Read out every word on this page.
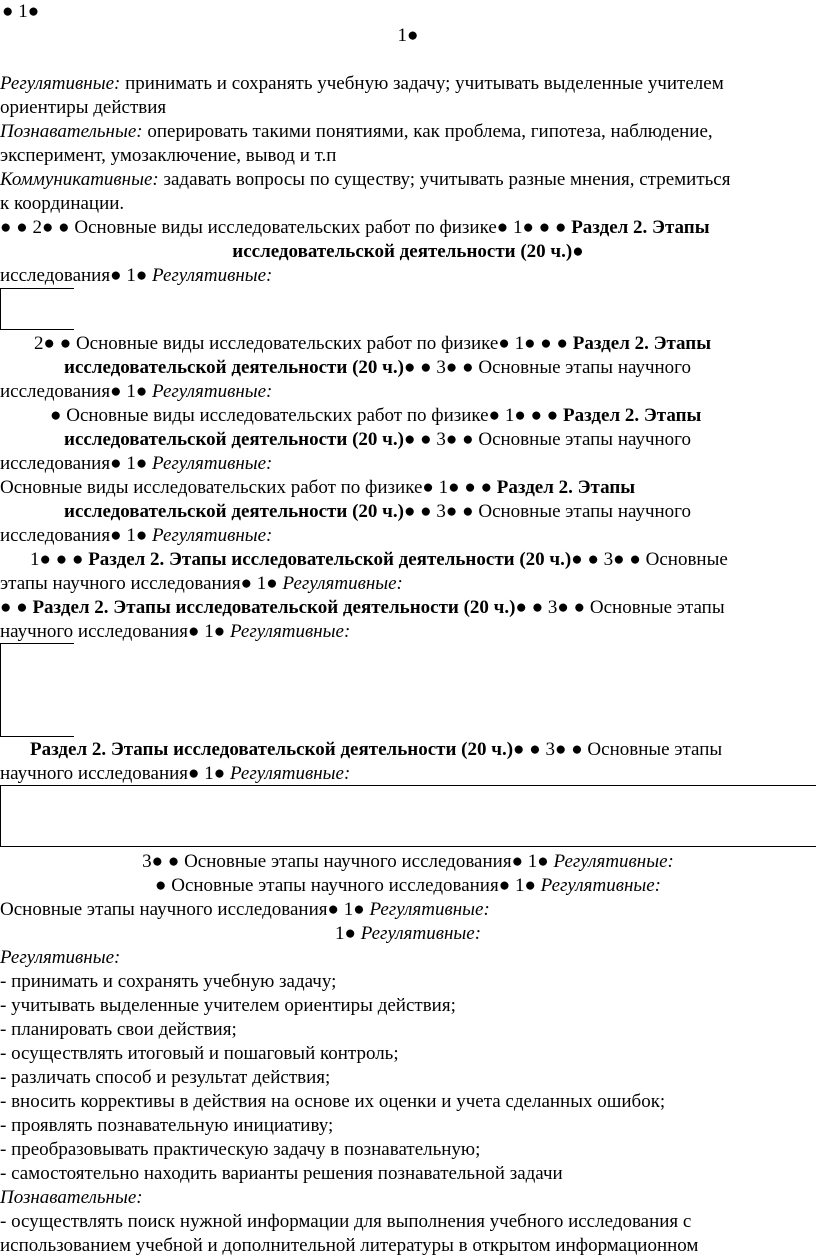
● 1●
1●
Регулятивные: принимать и сохранять учебную задачу; учитывать выделенные учителем
ориентиры действия
Познавательные: оперировать такими понятиями, как проблема, гипотеза, наблюдение,
эксперимент, умозаключение, вывод и т.п
Коммуникативные: задавать вопросы по существу; учитывать разные мнения, стремиться
к координации.
● ● 2● ● Основные виды исследовательских работ по физике● 1● ● ● Раздел 2. Этапы
исследовательской деятельности (20 ч.)●
исследования● 1● Регулятивные:
2● ● Основные виды исследовательских работ по физике● 1● ● ● Раздел 2. Этапы
исследовательской деятельности (20 ч.)● ● 3● ● Основные этапы научного
исследования● 1● Регулятивные:
● Основные виды исследовательских работ по физике● 1● ● ● Раздел 2. Этапы
исследовательской деятельности (20 ч.)● ● 3● ● Основные этапы научного
исследования● 1● Регулятивные:
Основные виды исследовательских работ по физике● 1● ● ● Раздел 2. Этапы
исследовательской деятельности (20 ч.)● ● 3● ● Основные этапы научного
исследования● 1● Регулятивные:
1● ● ● Раздел 2. Этапы исследовательской деятельности (20 ч.)● ● 3● ● Основные
этапы научного исследования● 1● Регулятивные:
● ● Раздел 2. Этапы исследовательской деятельности (20 ч.)● ● 3● ● Основные этапы
научного исследования● 1● Регулятивные:
Раздел 2. Этапы исследовательской деятельности (20 ч.)● ● 3● ● Основные этапы
научного исследования● 1● Регулятивные:
3● ● Основные этапы научного исследования● 1● Регулятивные:
● Основные этапы научного исследования● 1● Регулятивные:
Основные этапы научного исследования● 1● Регулятивные:
1● Регулятивные:
Регулятивные:
- принимать и сохранять учебную задачу;
- учитывать выделенные учителем ориентиры действия;
- планировать свои действия;
- осуществлять итоговый и пошаговый контроль;
- различать способ и результат действия;
- вносить коррективы в действия на основе их оценки и учета сделанных ошибок;
- проявлять познавательную инициативу;
- преобразовывать практическую задачу в познавательную;
- самостоятельно находить варианты решения познавательной задачи
Познавательные:
- осуществлять поиск нужной информации для выполнения учебного исследования с
использованием учебной и дополнительной литературы в открытом информационном
